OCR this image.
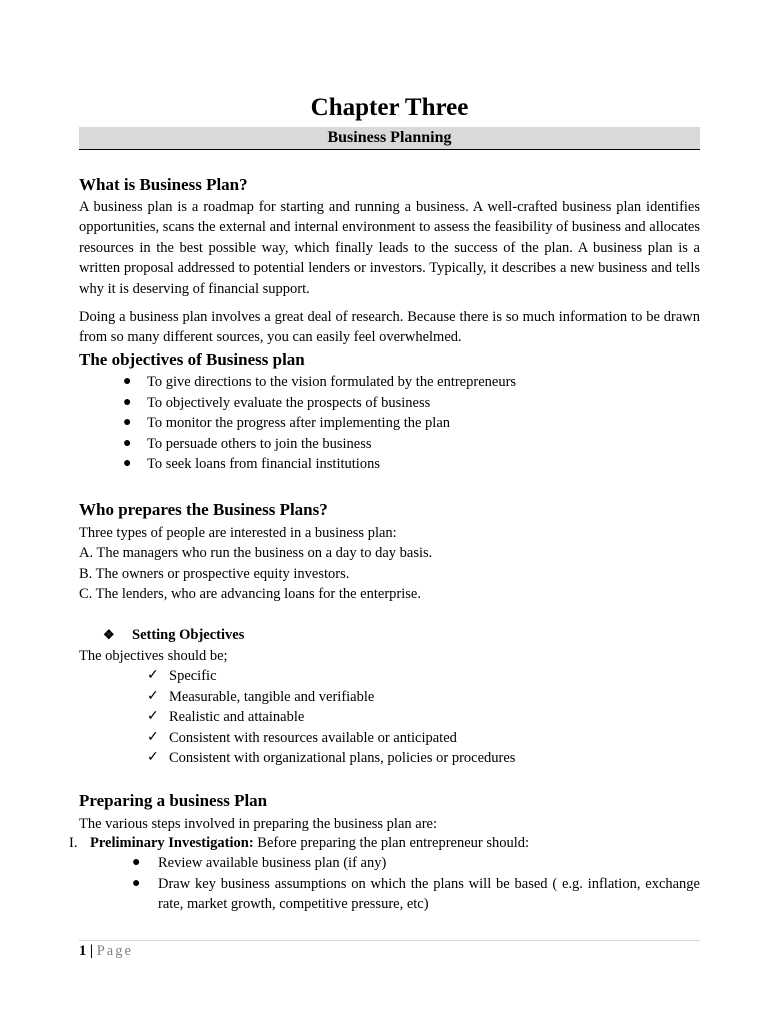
Chapter Three
Business Planning
What is Business Plan?

A business plan is a roadmap for starting and running a business. A well-crafted business plan identifies opportunities, scans the external and internal environment to assess the feasibility of business and allocates resources in the best possible way, which finally leads to the success of the plan. A business plan is a written proposal addressed to potential lenders or investors. Typically, it describes a new business and tells why it is deserving of financial support.

Doing a business plan involves a great deal of research. Because there is so much information to be drawn from so many different sources, you can easily feel overwhelmed.

The objectives of Business plan
● To give directions to the vision formulated by the entrepreneurs
● To objectively evaluate the prospects of business
● To monitor the progress after implementing the plan
● To persuade others to join the business
● To seek loans from financial institutions
Who prepares the Business Plans?
Three types of people are interested in a business plan:
A. The managers who run the business on a day to day basis.
B. The owners or prospective equity investors.
C. The lenders, who are advancing loans for the enterprise.
❖ Setting Objectives
The objectives should be;
✓ Specific
✓ Measurable, tangible and verifiable
✓ Realistic and attainable
✓ Consistent with resources available or anticipated
✓ Consistent with organizational plans, policies or procedures
Preparing a business Plan
The various steps involved in preparing the business plan are:
I. Preliminary Investigation: Before preparing the plan entrepreneur should:
● Review available business plan (if any)
● Draw key business assumptions on which the plans will be based ( e.g. inflation, exchange rate, market growth, competitive pressure, etc)
1 | Page
